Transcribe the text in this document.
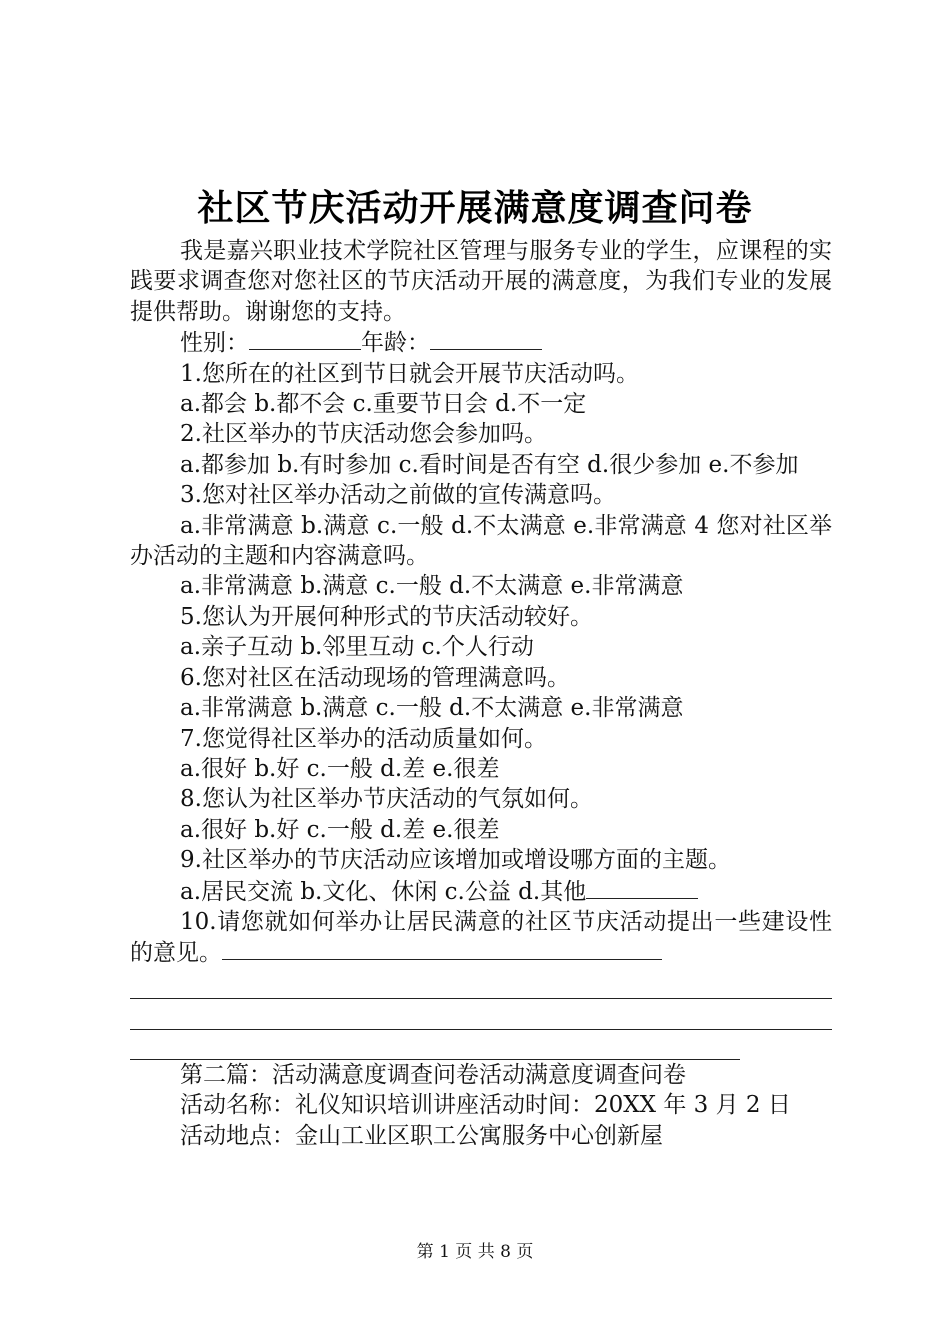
社区节庆活动开展满意度调查问卷

我是嘉兴职业技术学院社区管理与服务专业的学生，应课程的实践要求调查您对您社区的节庆活动开展的满意度，为我们专业的发展提供帮助。谢谢您的支持。

性别：	年龄：

1.您所在的社区到节日就会开展节庆活动吗。

a.都会 b.都不会 c.重要节日会 d.不一定

2.社区举办的节庆活动您会参加吗。

a.都参加 b.有时参加 c.看时间是否有空 d.很少参加 e.不参加

3.您对社区举办活动之前做的宣传满意吗。

a.非常满意 b.满意 c.一般 d.不太满意 e.非常满意 4 您对社区举办活动的主题和内容满意吗。

a.非常满意 b.满意 c.一般 d.不太满意 e.非常满意

5.您认为开展何种形式的节庆活动较好。

a.亲子互动 b.邻里互动 c.个人行动

6.您对社区在活动现场的管理满意吗。

a.非常满意 b.满意 c.一般 d.不太满意 e.非常满意

7.您觉得社区举办的活动质量如何。

a.很好 b.好 c.一般 d.差 e.很差

8.您认为社区举办节庆活动的气氛如何。

a.很好 b.好 c.一般 d.差 e.很差

9.社区举办的节庆活动应该增加或增设哪方面的主题。

a.居民交流 b.文化、休闲 c.公益 d.其他

10.请您就如何举办让居民满意的社区节庆活动提出一些建设性的意见。

第二篇：活动满意度调查问卷活动满意度调查问卷

活动名称：礼仪知识培训讲座活动时间：20XX 年 3 月 2 日

活动地点：金山工业区职工公寓服务中心创新屋

第 1 页 共 8 页
